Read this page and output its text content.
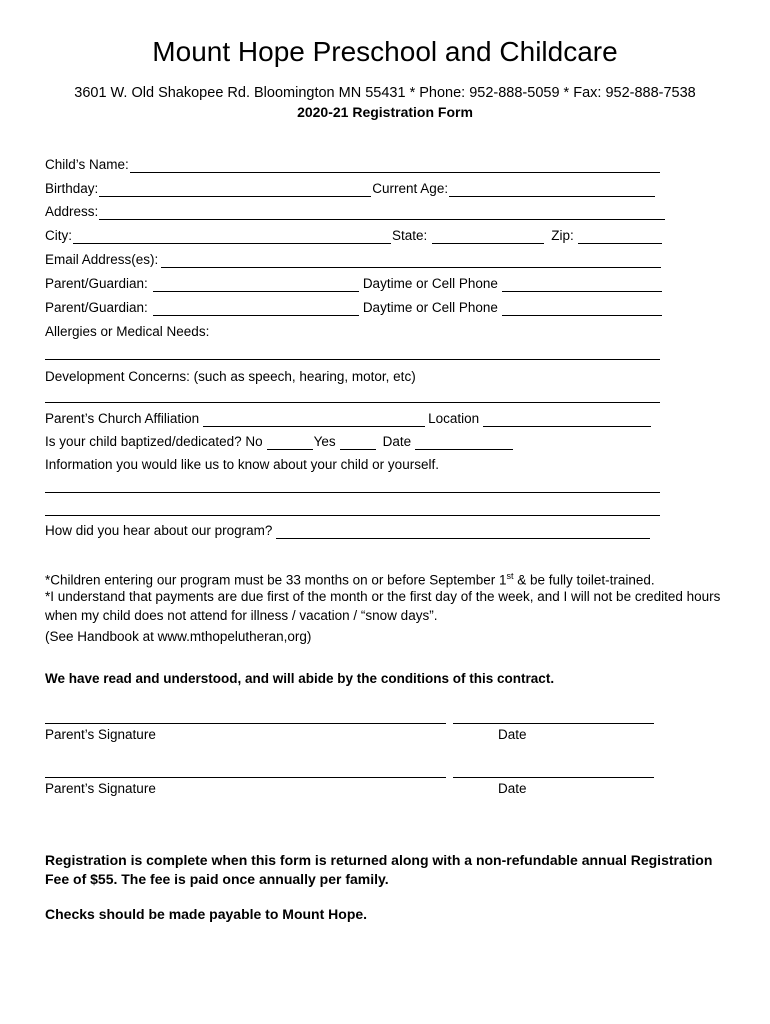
Mount Hope Preschool and Childcare
3601 W. Old Shakopee Rd. Bloomington MN 55431 * Phone: 952-888-5059 * Fax: 952-888-7538
2020-21 Registration Form
Child’s Name:
Birthday:	Current Age:
Address:
City:	State:	Zip:
Email Address(es):
Parent/Guardian:	Daytime or Cell Phone
Parent/Guardian:	Daytime or Cell Phone
Allergies or Medical Needs:
Development Concerns: (such as speech, hearing, motor, etc)
Parent’s Church Affiliation	Location
Is your child baptized/dedicated? No	Yes	Date
Information you would like us to know about your child or yourself.
How did you hear about our program?
*Children entering our program must be 33 months on or before September 1st & be fully toilet-trained.
*I understand that payments are due first of the month or the first day of the week, and I will not be credited hours when my child does not attend for illness / vacation / “snow days”.
(See Handbook at www.mthopelutheran,org)
We have read and understood, and will abide by the conditions of this contract.
Parent’s Signature	Date
Parent’s Signature	Date
Registration is complete when this form is returned along with a non-refundable annual Registration Fee of $55. The fee is paid once annually per family.
Checks should be made payable to Mount Hope.
